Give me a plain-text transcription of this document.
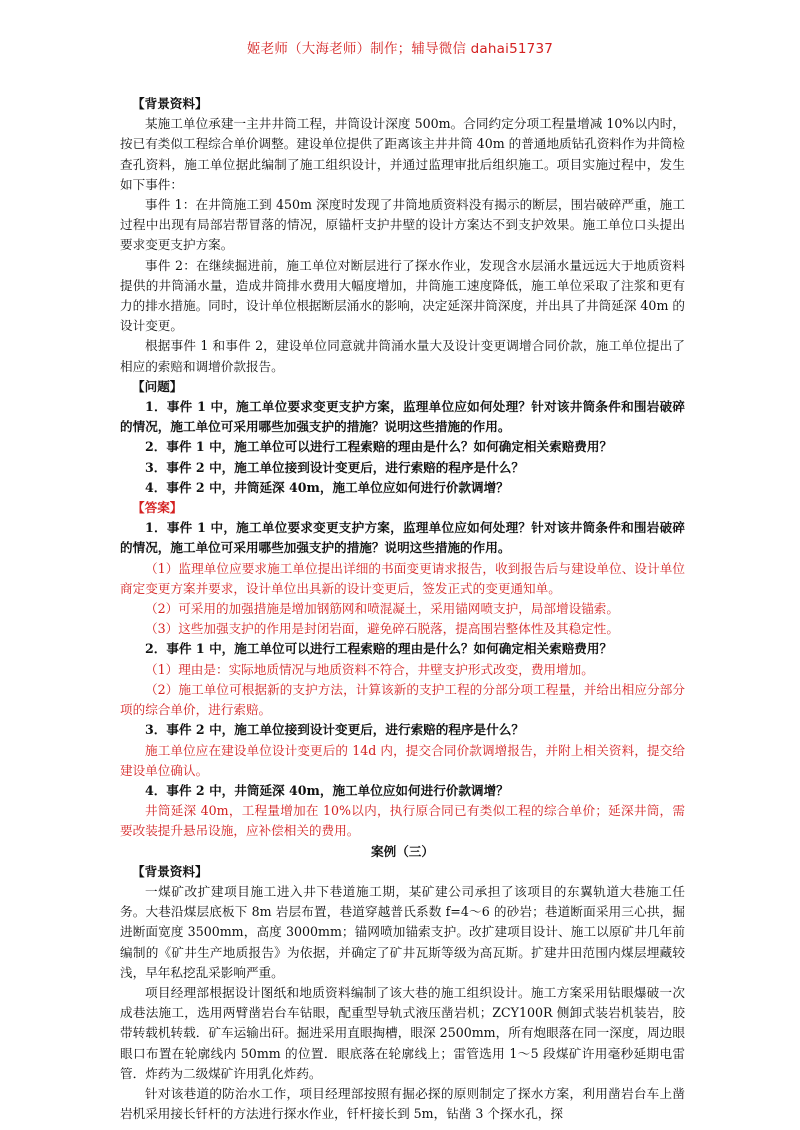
姬老师（大海老师）制作；辅导微信 dahai51737

【背景资料】

某施工单位承建一主井井筒工程，井筒设计深度 500m。合同约定分项工程量增减 10%以内时，按已有类似工程综合单价调整。建设单位提供了距离该主井井筒 40m 的普通地质钻孔资料作为井筒检查孔资料，施工单位据此编制了施工组织设计，并通过监理审批后组织施工。项目实施过程中，发生如下事件：

事件 1：在井筒施工到 450m 深度时发现了井筒地质资料没有揭示的断层，围岩破碎严重，施工过程中出现有局部岩帮冒落的情况，原锚杆支护井壁的设计方案达不到支护效果。施工单位口头提出要求变更支护方案。

事件 2：在继续掘进前，施工单位对断层进行了探水作业，发现含水层涌水量远远大于地质资料提供的井筒涌水量，造成井筒排水费用大幅度增加，井筒施工速度降低，施工单位采取了注浆和更有力的排水措施。同时，设计单位根据断层涌水的影响，决定延深井筒深度，并出具了井筒延深 40m 的设计变更。

根据事件 1 和事件 2，建设单位同意就井筒涌水量大及设计变更调增合同价款，施工单位提出了相应的索赔和调增价款报告。

【问题】

1．事件 1 中，施工单位要求变更支护方案，监理单位应如何处理？针对该井筒条件和围岩破碎的情况，施工单位可采用哪些加强支护的措施？说明这些措施的作用。

2．事件 1 中，施工单位可以进行工程索赔的理由是什么？如何确定相关索赔费用？

3．事件 2 中，施工单位接到设计变更后，进行索赔的程序是什么？

4．事件 2 中，井筒延深 40m，施工单位应如何进行价款调增？

【答案】

1．事件 1 中，施工单位要求变更支护方案，监理单位应如何处理？针对该井筒条件和围岩破碎的情况，施工单位可采用哪些加强支护的措施？说明这些措施的作用。

（1）监理单位应要求施工单位提出详细的书面变更请求报告，收到报告后与建设单位、设计单位商定变更方案并要求，设计单位出具新的设计变更后，签发正式的变更通知单。

（2）可采用的加强措施是增加钢筋网和喷混凝土，采用锚网喷支护，局部增设锚索。

（3）这些加强支护的作用是封闭岩面，避免碎石脱落，提高围岩整体性及其稳定性。

2．事件 1 中，施工单位可以进行工程索赔的理由是什么？如何确定相关索赔费用？

（1）理由是：实际地质情况与地质资料不符合，井壁支护形式改变，费用增加。

（2）施工单位可根据新的支护方法，计算该新的支护工程的分部分项工程量，并给出相应分部分项的综合单价，进行索赔。

3．事件 2 中，施工单位接到设计变更后，进行索赔的程序是什么？

施工单位应在建设单位设计变更后的 14d 内，提交合同价款调增报告，并附上相关资料，提交给建设单位确认。

4．事件 2 中，井筒延深 40m，施工单位应如何进行价款调增？

井筒延深 40m，工程量增加在 10%以内，执行原合同已有类似工程的综合单价；延深井筒，需要改装提升悬吊设施，应补偿相关的费用。

案例（三）

【背景资料】

一煤矿改扩建项目施工进入井下巷道施工期，某矿建公司承担了该项目的东翼轨道大巷施工任务。大巷沿煤层底板下 8m 岩层布置，巷道穿越普氏系数 f=4～6 的砂岩；巷道断面采用三心拱，掘进断面宽度 3500mm，高度 3000mm；锚网喷加锚索支护。改扩建项目设计、施工以原矿井几年前编制的《矿井生产地质报告》为依据，并确定了矿井瓦斯等级为高瓦斯。扩建井田范围内煤层埋藏较浅，早年私挖乱采影响严重。

项目经理部根据设计图纸和地质资料编制了该大巷的施工组织设计。施工方案采用钻眼爆破一次成巷法施工，选用两臂凿岩台车钻眼，配重型导轨式液压凿岩机；ZCY100R 侧卸式装岩机装岩，胶带转载机转载．矿车运输出矸。掘进采用直眼掏槽，眼深 2500mm，所有炮眼落在同一深度，周边眼眼口布置在轮廓线内 50mm 的位置．眼底落在轮廓线上；雷管选用 1～5 段煤矿许用毫秒延期电雷管．炸药为二级煤矿许用乳化炸药。

针对该巷道的防治水工作，项目经理部按照有掘必探的原则制定了探水方案，利用凿岩台车上凿岩机采用接长钎杆的方法进行探水作业，钎杆接长到 5m，钻凿 3 个探水孔，探
